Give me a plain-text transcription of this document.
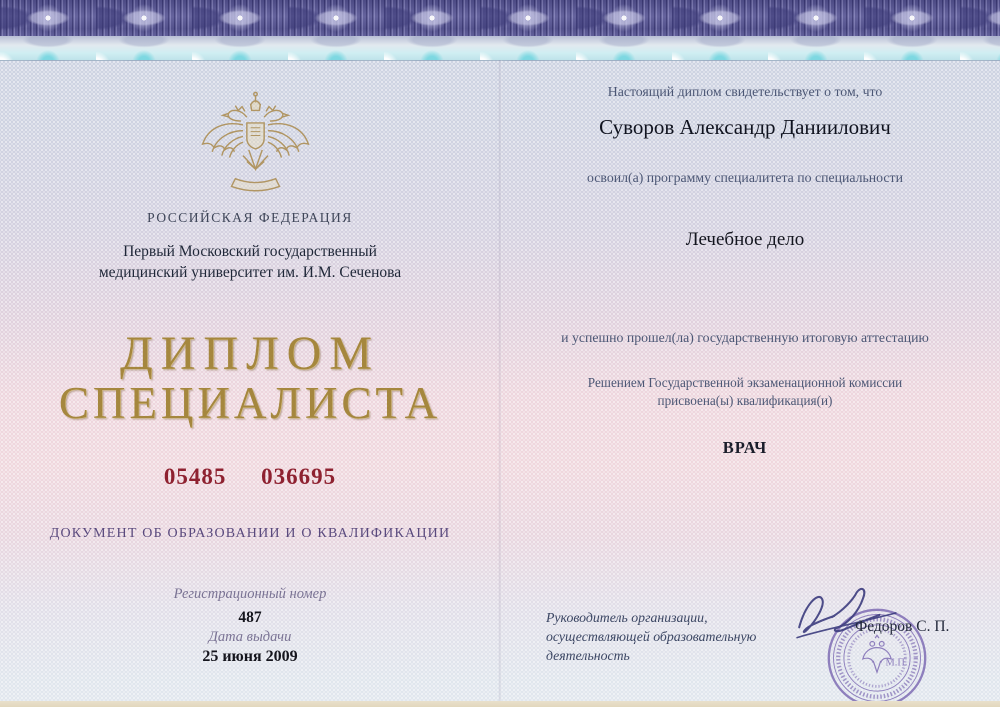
РОССИЙСКАЯ ФЕДЕРАЦИЯ
Первый Московский государственный
медицинский университет им. И.М. Сеченова
ДИПЛОМ
СПЕЦИАЛИСТА
05485 036695
ДОКУМЕНТ ОБ ОБРАЗОВАНИИ И О КВАЛИФИКАЦИИ
Регистрационный номер
487
Дата выдачи
25 июня 2009
Настоящий диплом свидетельствует о том, что
Суворов Александр Даниилович
освоил(а) программу специалитета по специальности
Лечебное дело
и успешно прошел(ла) государственную итоговую аттестацию
Решением Государственной экзаменационной комиссии
присвоена(ы) квалификация(и)
ВРАЧ
Руководитель организации,
осуществляющей образовательную
деятельность
Федоров С. П.
М.П.
